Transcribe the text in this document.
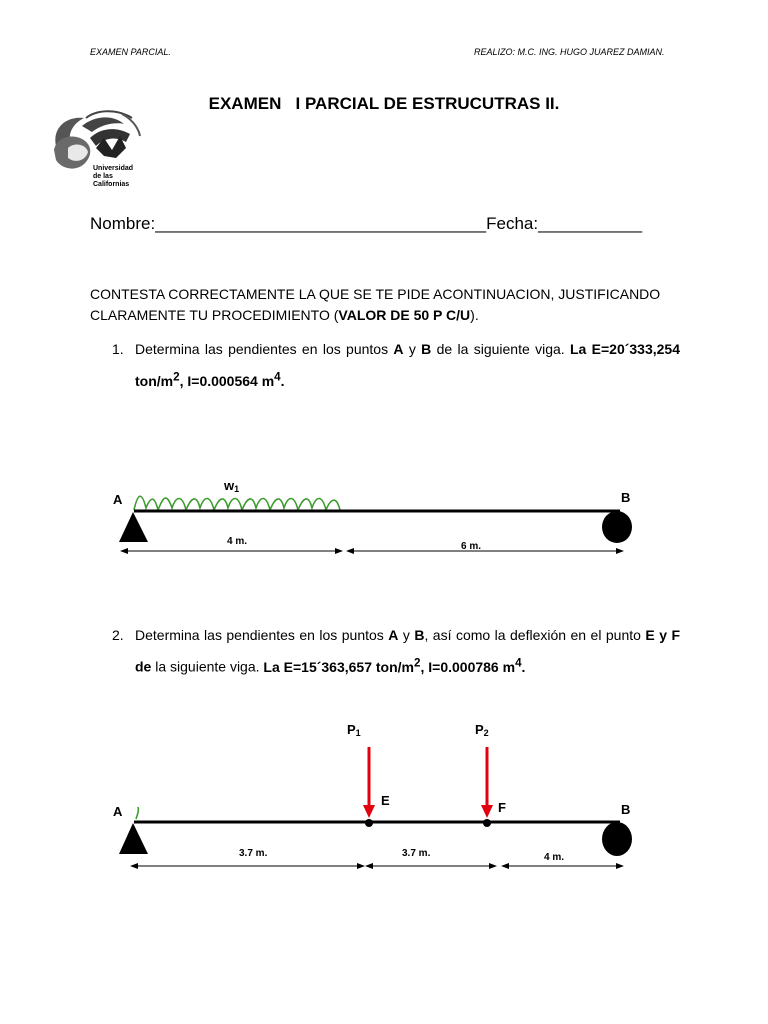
EXAMEN PARCIAL.	REALIZO: M.C. ING. HUGO JUAREZ DAMIAN.
EXAMEN   I PARCIAL DE ESTRUCUTRAS II.
Universidad
de las
Californias
Nombre:___________________________________Fecha:___________
CONTESTA CORRECTAMENTE LA QUE SE TE PIDE ACONTINUACION, JUSTIFICANDO CLARAMENTE TU PROCEDIMIENTO (VALOR DE 50 P C/U).
1. Determina las pendientes en los puntos A y B de la siguiente viga. La E=20´333,254 ton/$m^2$, I=0.000564 $m^4$.
A	B
w1
4 m.	6 m.
2. Determina las pendientes en los puntos A y B, así como la deflexión en el punto E y F de la siguiente viga. La E=15´363,657 ton/$m^2$, I=0.000786 $m^4$.
P1	P2
A	B
E	F
3.7 m.	3.7 m.	4 m.
